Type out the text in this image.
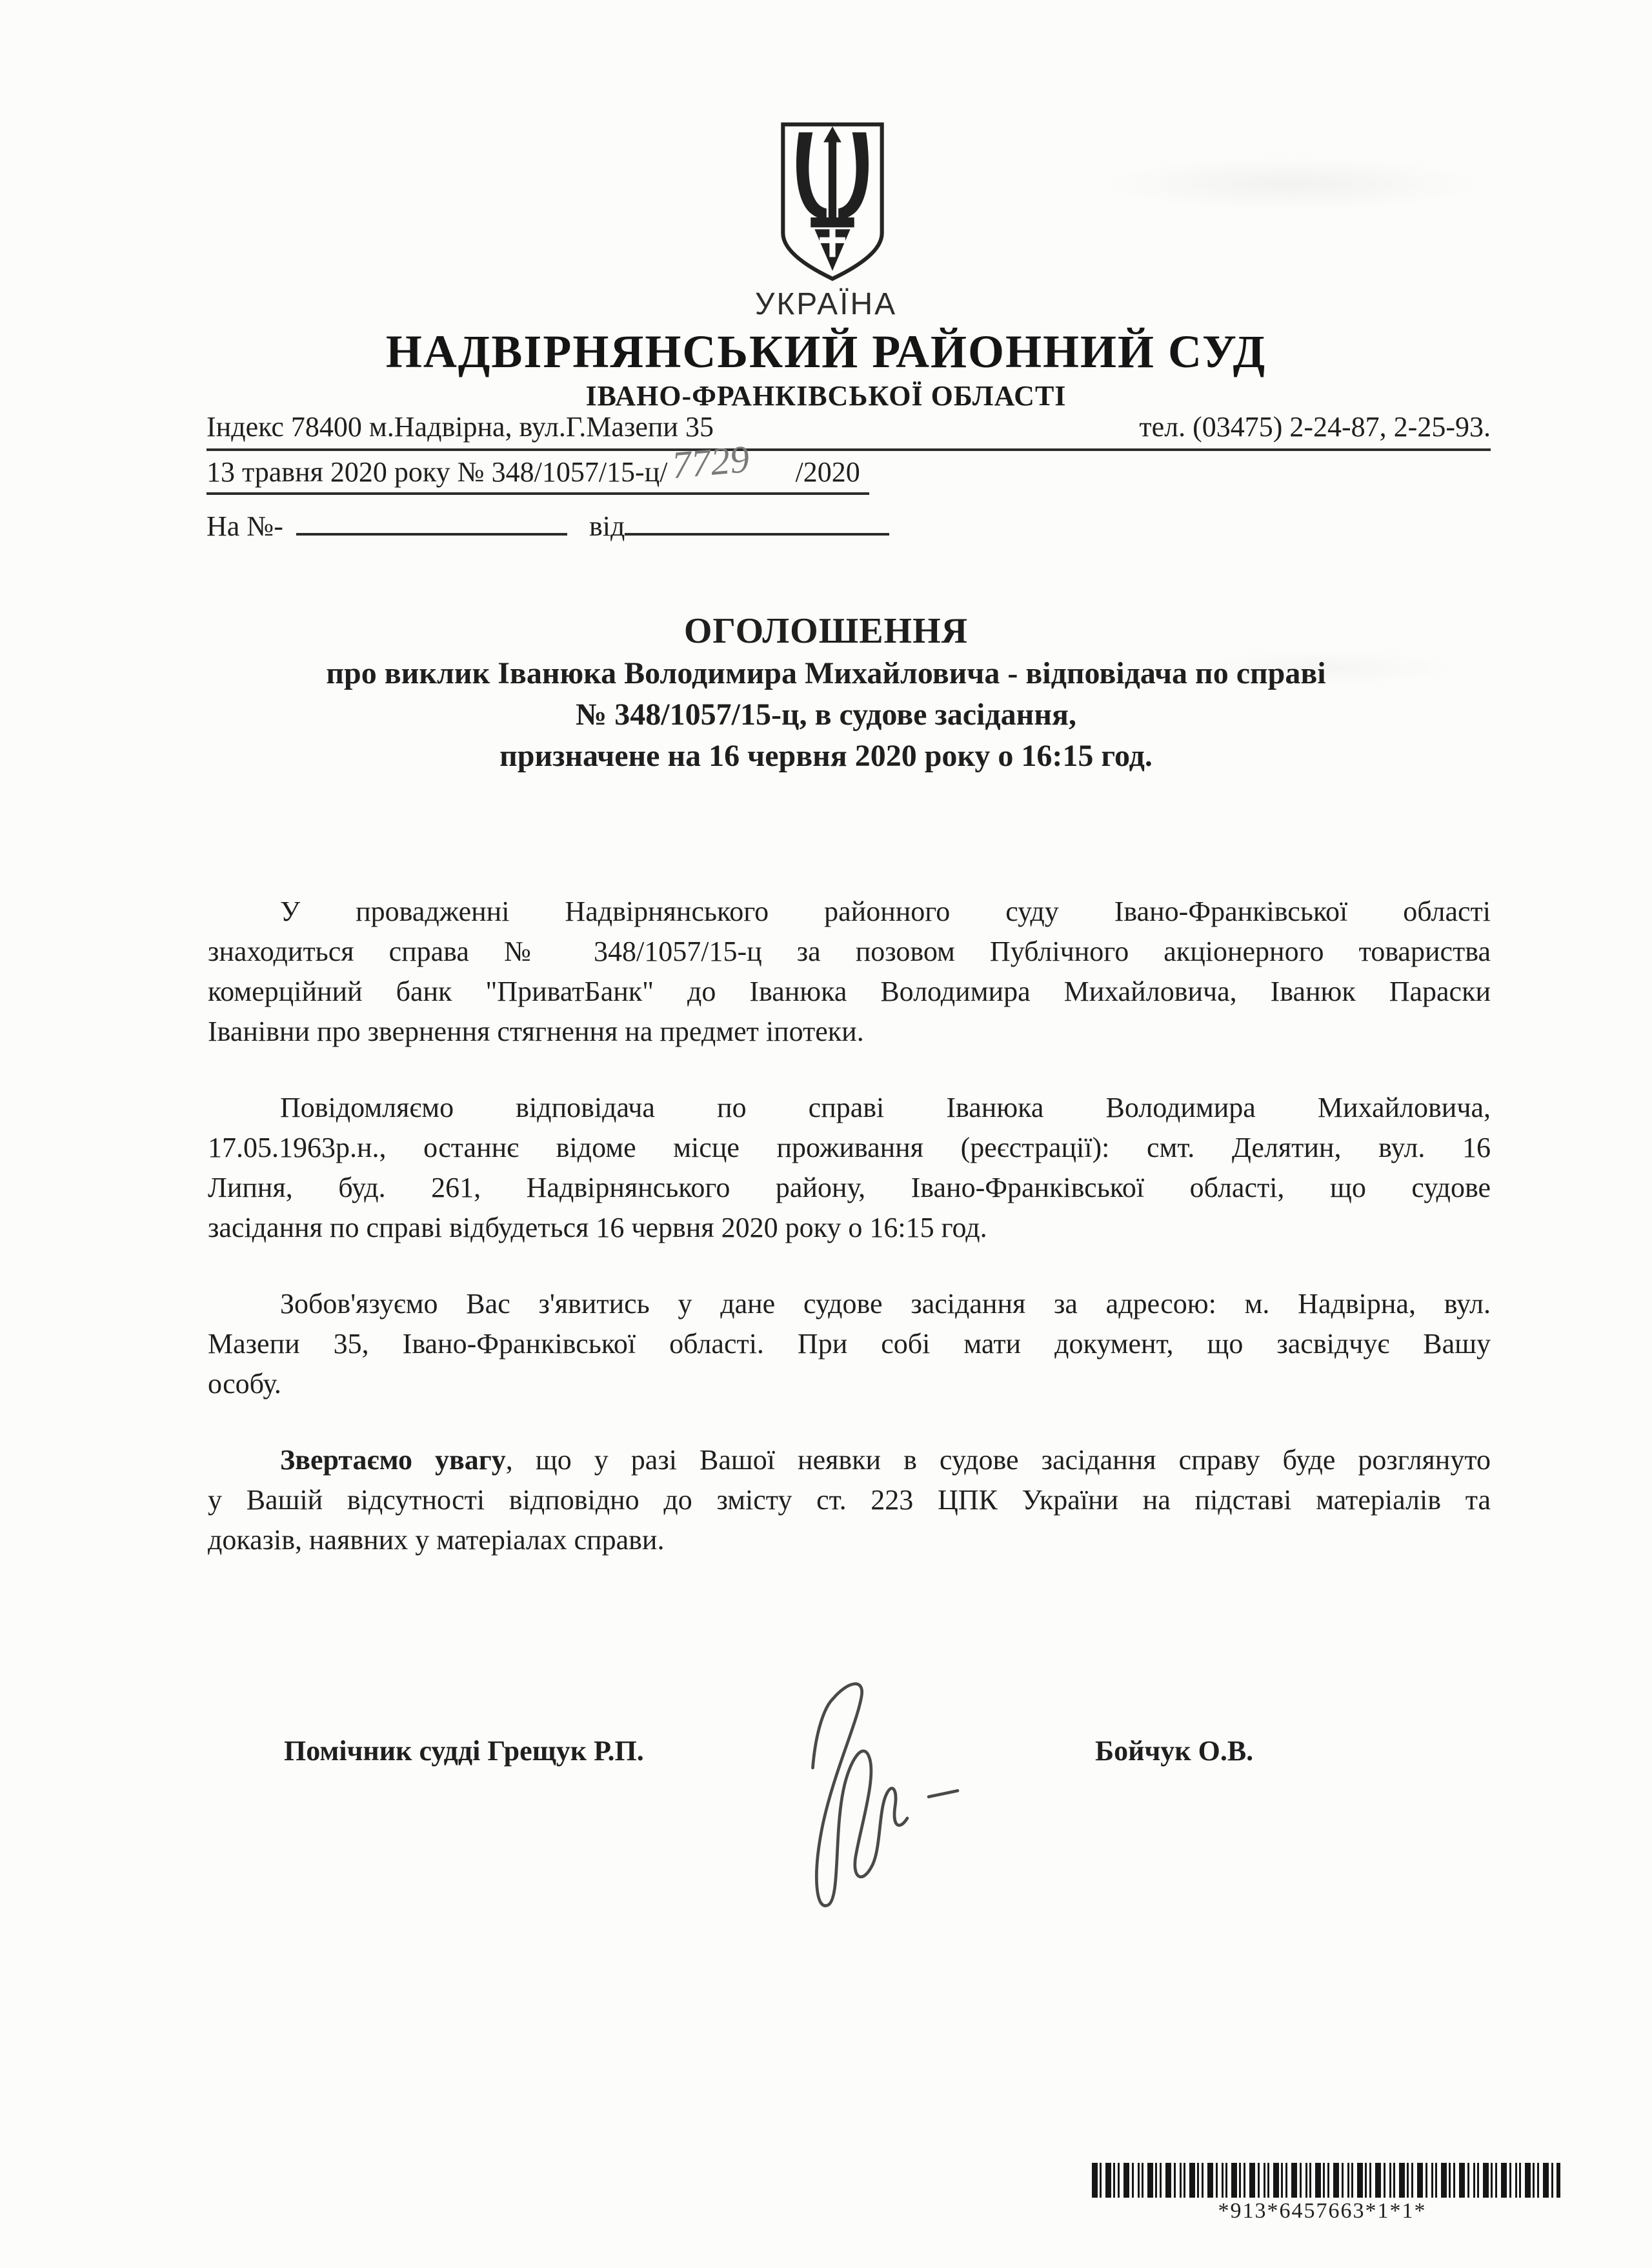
УКРАЇНА
НАДВІРНЯНСЬКИЙ РАЙОННИЙ СУД
ІВАНО-ФРАНКІВСЬКОЇ ОБЛАСТІ
Індекс 78400 м.Надвірна, вул.Г.Мазепи 35	тел. (03475) 2-24-87, 2-25-93.
13 травня 2020 року № 348/1057/15-ц/ 7729 /2020
На №-	від
ОГОЛОШЕННЯ
про виклик Іванюка Володимира Михайловича - відповідача по справі
№ 348/1057/15-ц, в судове засідання,
призначене на 16 червня 2020 року о 16:15 год.
У провадженні Надвірнянського районного суду Івано-Франківської області
знаходиться справа № 348/1057/15-ц за позовом Публічного акціонерного товариства
комерційний банк "ПриватБанк" до Іванюка Володимира Михайловича, Іванюк Параски
Іванівни про звернення стягнення на предмет іпотеки.
Повідомляємо відповідача по справі Іванюка Володимира Михайловича,
17.05.1963р.н., останнє відоме місце проживання (реєстрації): смт. Делятин, вул. 16
Липня, буд. 261, Надвірнянського району, Івано-Франківської області, що судове
засідання по справі відбудеться 16 червня 2020 року о 16:15 год.
Зобов'язуємо Вас з'явитись у дане судове засідання за адресою: м. Надвірна, вул.
Мазепи 35, Івано-Франківської області. При собі мати документ, що засвідчує Вашу
особу.
Звертаємо увагу, що у разі Вашої неявки в судове засідання справу буде розглянуто
у Вашій відсутності відповідно до змісту ст. 223 ЦПК України на підставі матеріалів та
доказів, наявних у матеріалах справи.
Помічник судді Грещук Р.П.	Бойчук О.В.
*913*6457663*1*1*
